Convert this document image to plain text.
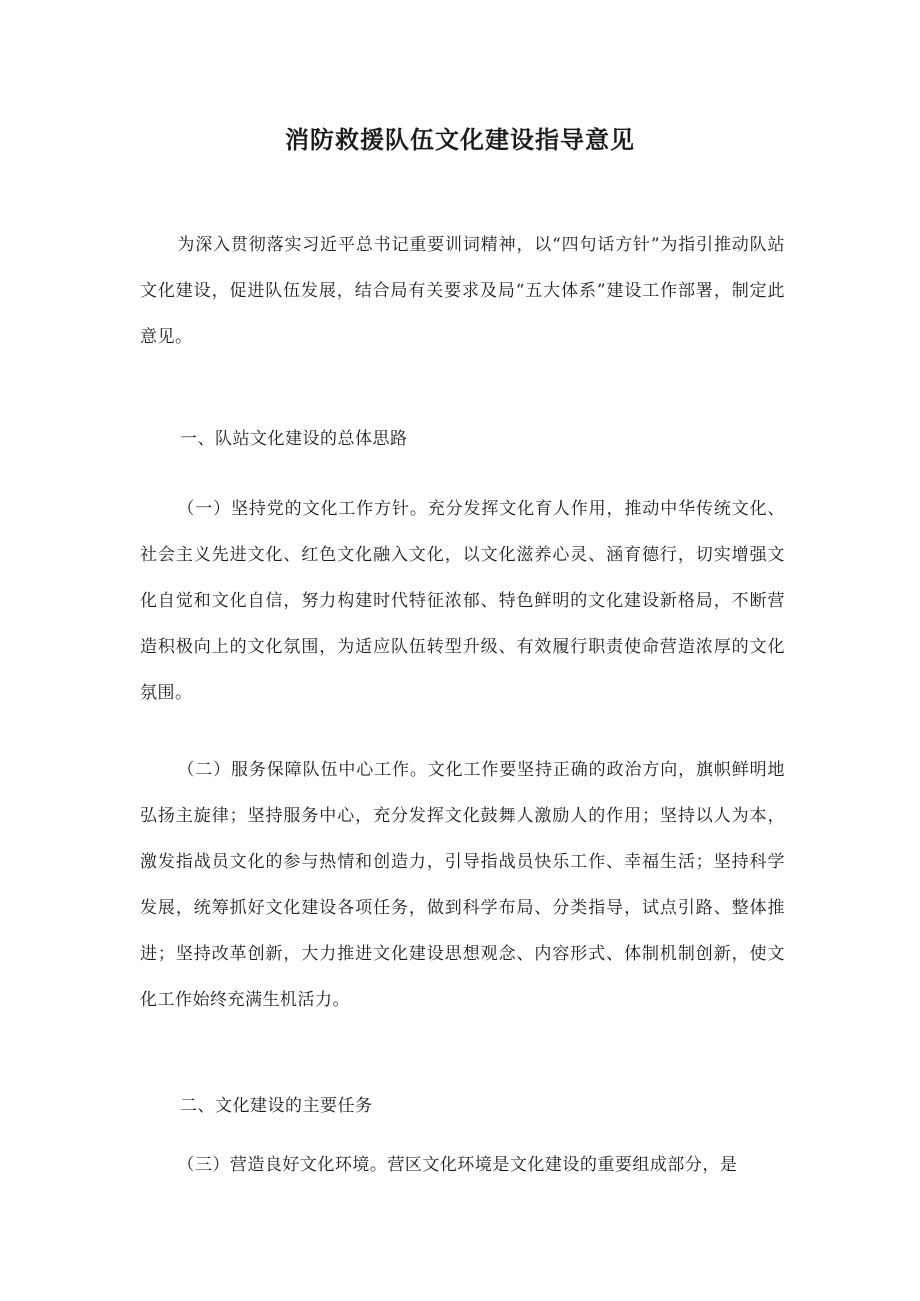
消防救援队伍文化建设指导意见

为深入贯彻落实习近平总书记重要训词精神，以“四句话方针”为指引推动队站文化建设，促进队伍发展，结合局有关要求及局“五大体系”建设工作部署，制定此意见。

一、队站文化建设的总体思路

（一）坚持党的文化工作方针。充分发挥文化育人作用，推动中华传统文化、社会主义先进文化、红色文化融入文化，以文化滋养心灵、涵育德行，切实增强文化自觉和文化自信，努力构建时代特征浓郁、特色鲜明的文化建设新格局，不断营造积极向上的文化氛围，为适应队伍转型升级、有效履行职责使命营造浓厚的文化氛围。

（二）服务保障队伍中心工作。文化工作要坚持正确的政治方向，旗帜鲜明地弘扬主旋律；坚持服务中心，充分发挥文化鼓舞人激励人的作用；坚持以人为本，激发指战员文化的参与热情和创造力，引导指战员快乐工作、幸福生活；坚持科学发展，统筹抓好文化建设各项任务，做到科学布局、分类指导，试点引路、整体推进；坚持改革创新，大力推进文化建设思想观念、内容形式、体制机制创新，使文化工作始终充满生机活力。

二、文化建设的主要任务

（三）营造良好文化环境。营区文化环境是文化建设的重要组成部分，是
